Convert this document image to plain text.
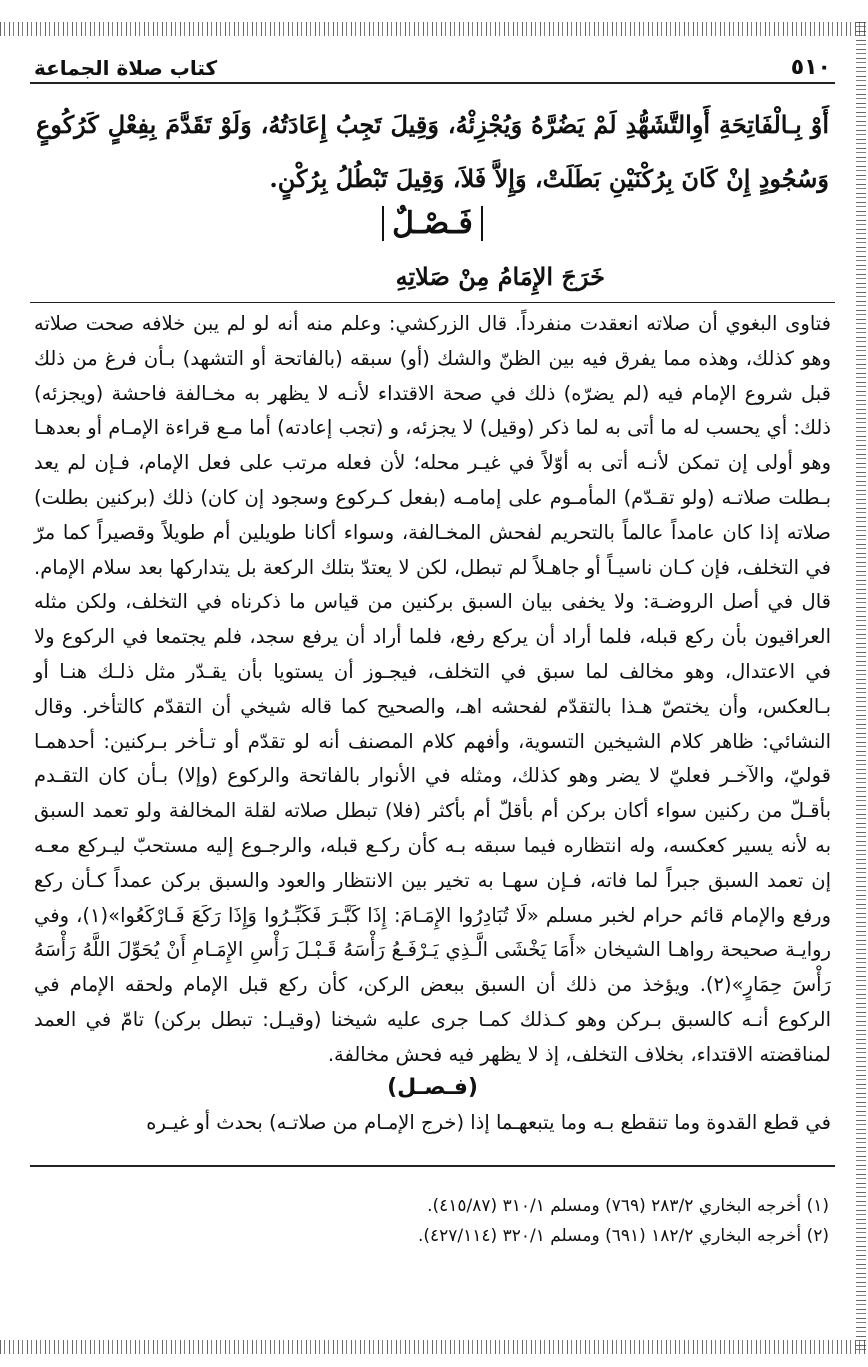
٥١٠
كتاب صلاة الجماعة
أَوْ بِـالْفَاتِحَةِ أَوِالتَّشَهُّدِ لَمْ يَضُرَّهُ وَيُجْزِئْهُ، وَقِيلَ تَجِبُ إِعَادَتُهُ، وَلَوْ تَقَدَّمَ بِفِعْلٍ كَرُكُوعٍ وَسُجُودٍ إِنْ كَانَ بِرُكْنَيْنِ بَطَلَتْ، وَإِلاَّ فَلاَ، وَقِيلَ تَبْطُلُ بِرُكْنٍ.
فَـصْـلٌ
خَرَجَ الإِمَامُ مِنْ صَلاتِهِ

فتاوى البغوي أن صلاته انعقدت منفرداً. قال الزركشي: وعلم منه أنه لو لم يبن خلافه صحت صلاته وهو كذلك، وهذه مما يفرق فيه بين الظنّ والشك (أو) سبقه (بالفاتحة أو التشهد) بـأن فرغ من ذلك قبل شروع الإمام فيه (لم يضرّه) ذلك في صحة الاقتداء لأنـه لا يظهر به مخـالفة فاحشة (ويجزئه) ذلك: أي يحسب له ما أتى به لما ذكر (وقيل) لا يجزئه، و (تجب إعادته) أما مـع قراءة الإمـام أو بعدهـا وهو أولى إن تمكن لأنـه أتى به أوّلاً في غيـر محله؛ لأن فعله مرتب على فعل الإمام، فـإن لم يعد بـطلت صلاتـه (ولو تقـدّم) المأمـوم على إمامـه (بفعل كـركوع وسجود إن كان) ذلك (بركنين بطلت) صلاته إذا كان عامداً عالماً بالتحريم لفحش المخـالفة، وسواء أكانا طويلين أم طويلاً وقصيراً كما مرّ في التخلف، فإن كـان ناسيـاً أو جاهـلاً لم تبطل، لكن لا يعتدّ بتلك الركعة بل يتداركها بعد سلام الإمام. قال في أصل الروضـة: ولا يخفى بيان السبق بركنين من قياس ما ذكرناه في التخلف، ولكن مثله العراقيون بأن ركع قبله، فلما أراد أن يركع رفع، فلما أراد أن يرفع سجد، فلم يجتمعا في الركوع ولا في الاعتدال، وهو مخالف لما سبق في التخلف، فيجـوز أن يستويا بأن يقـدّر مثل ذلـك هنـا أو بـالعكس، وأن يختصّ هـذا بالتقدّم لفحشه اهـ، والصحيح كما قاله شيخي أن التقدّم كالتأخر. وقال النشائي: ظاهر كلام الشيخين التسوية، وأفهم كلام المصنف أنه لو تقدّم أو تـأخر بـركنين: أحدهمـا قوليّ، والآخـر فعليّ لا يضر وهو كذلك، ومثله في الأنوار بالفاتحة والركوع (وإلا) بـأن كان التقـدم بأقـلّ من ركنين سواء أكان بركن أم بأقلّ أم بأكثر (فلا) تبطل صلاته لقلة المخالفة ولو تعمد السبق به لأنه يسير كعكسه، وله انتظاره فيما سبقه بـه كأن ركـع قبله، والرجـوع إليه مستحبّ ليـركع معـه إن تعمد السبق جبراً لما فاته، فـإن سهـا به تخير بين الانتظار والعود والسبق بركن عمداً كـأن ركع ورفع والإمام قائم حرام لخبر مسلم «لَا تُبَادِرُوا الإِمَـامَ: إِذَا كَبَّـرَ فَكَبِّـرُوا وَإِذَا رَكَعَ فَـارْكَعُوا»(١)، وفي روايـة صحيحة رواهـا الشيخان «أَمَا يَخْشَى الَّـذِي يَـرْفَـعُ رَأْسَهُ قَـبْـلَ رَأْسِ الإِمَـامِ أَنْ يُحَوِّلَ اللَّهُ رَأْسَهُ رَأْسَ حِمَارٍ»(٢). ويؤخذ من ذلك أن السبق ببعض الركن، كأن ركع قبل الإمام ولحقه الإمام في الركوع أنـه كالسبق بـركن وهو كـذلك كمـا جرى عليه شيخنا (وقيـل: تبطل بركن) تامّ في العمد لمناقضته الاقتداء، بخلاف التخلف، إذ لا يظهر فيه فحش مخالفة.

(فـصـل)
في قطع القدوة وما تنقطع بـه وما يتبعهـما إذا (خرج الإمـام من صلاتـه) بحدث أو غيـره
(١) أخرجه البخاري ٢٨٣/٢ (٧٦٩) ومسلم ٣١٠/١ (٤١٥/٨٧).
(٢) أخرجه البخاري ١٨٢/٢ (٦٩١) ومسلم ٣٢٠/١ (٤٢٧/١١٤).
